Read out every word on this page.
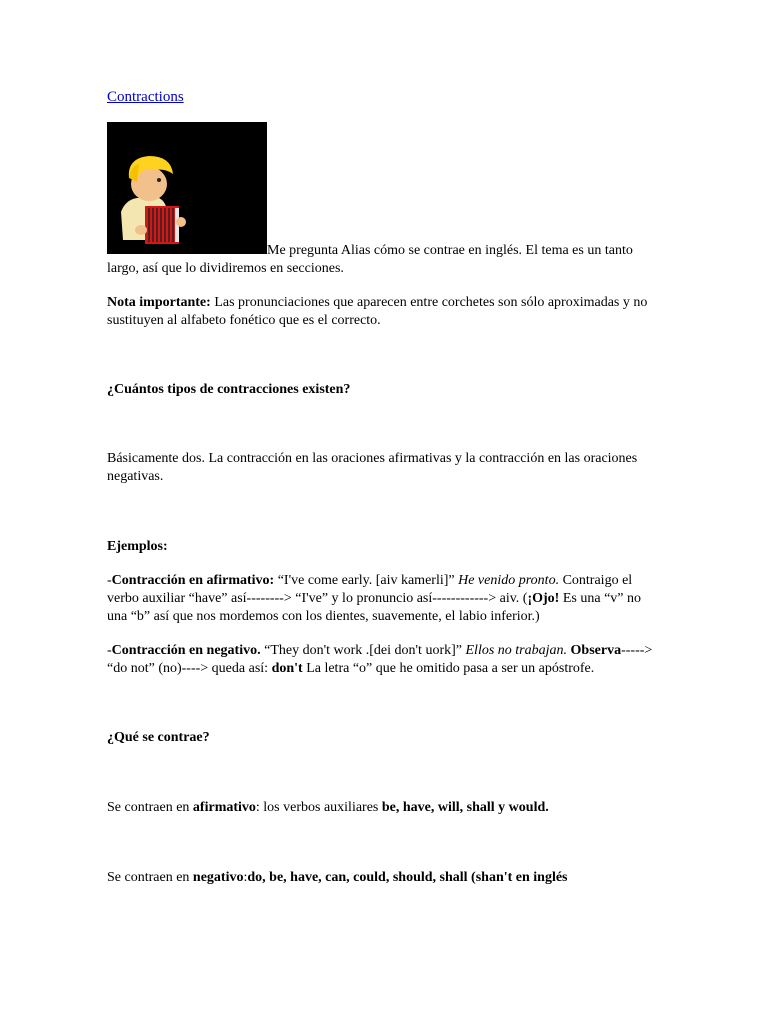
Contractions
Me pregunta Alias cómo se contrae en inglés. El tema es un tanto largo, así que lo dividiremos en secciones.

Nota importante: Las pronunciaciones que aparecen entre corchetes son sólo aproximadas y no sustituyen al alfabeto fonético que es el correcto.

¿Cuántos tipos de contracciones existen?

Básicamente dos. La contracción en las oraciones afirmativas y la contracción en las oraciones negativas.

Ejemplos:

-Contracción en afirmativo: “I've come early. [aiv kamerli]” He venido pronto. Contraigo el verbo auxiliar “have” así--------> “I've” y lo pronuncio así------------> aiv. (¡Ojo! Es una “v” no una “b” así que nos mordemos con los dientes, suavemente, el labio inferior.)

-Contracción en negativo. “They don't work .[dei don't uork]” Ellos no trabajan. Observa-----> “do not” (no)----> queda así: don't La letra “o” que he omitido pasa a ser un apóstrofe.

¿Qué se contrae?

Se contraen en afirmativo: los verbos auxiliares be, have, will, shall y would.

Se contraen en negativo:do, be, have, can, could, should, shall (shan't en inglés
